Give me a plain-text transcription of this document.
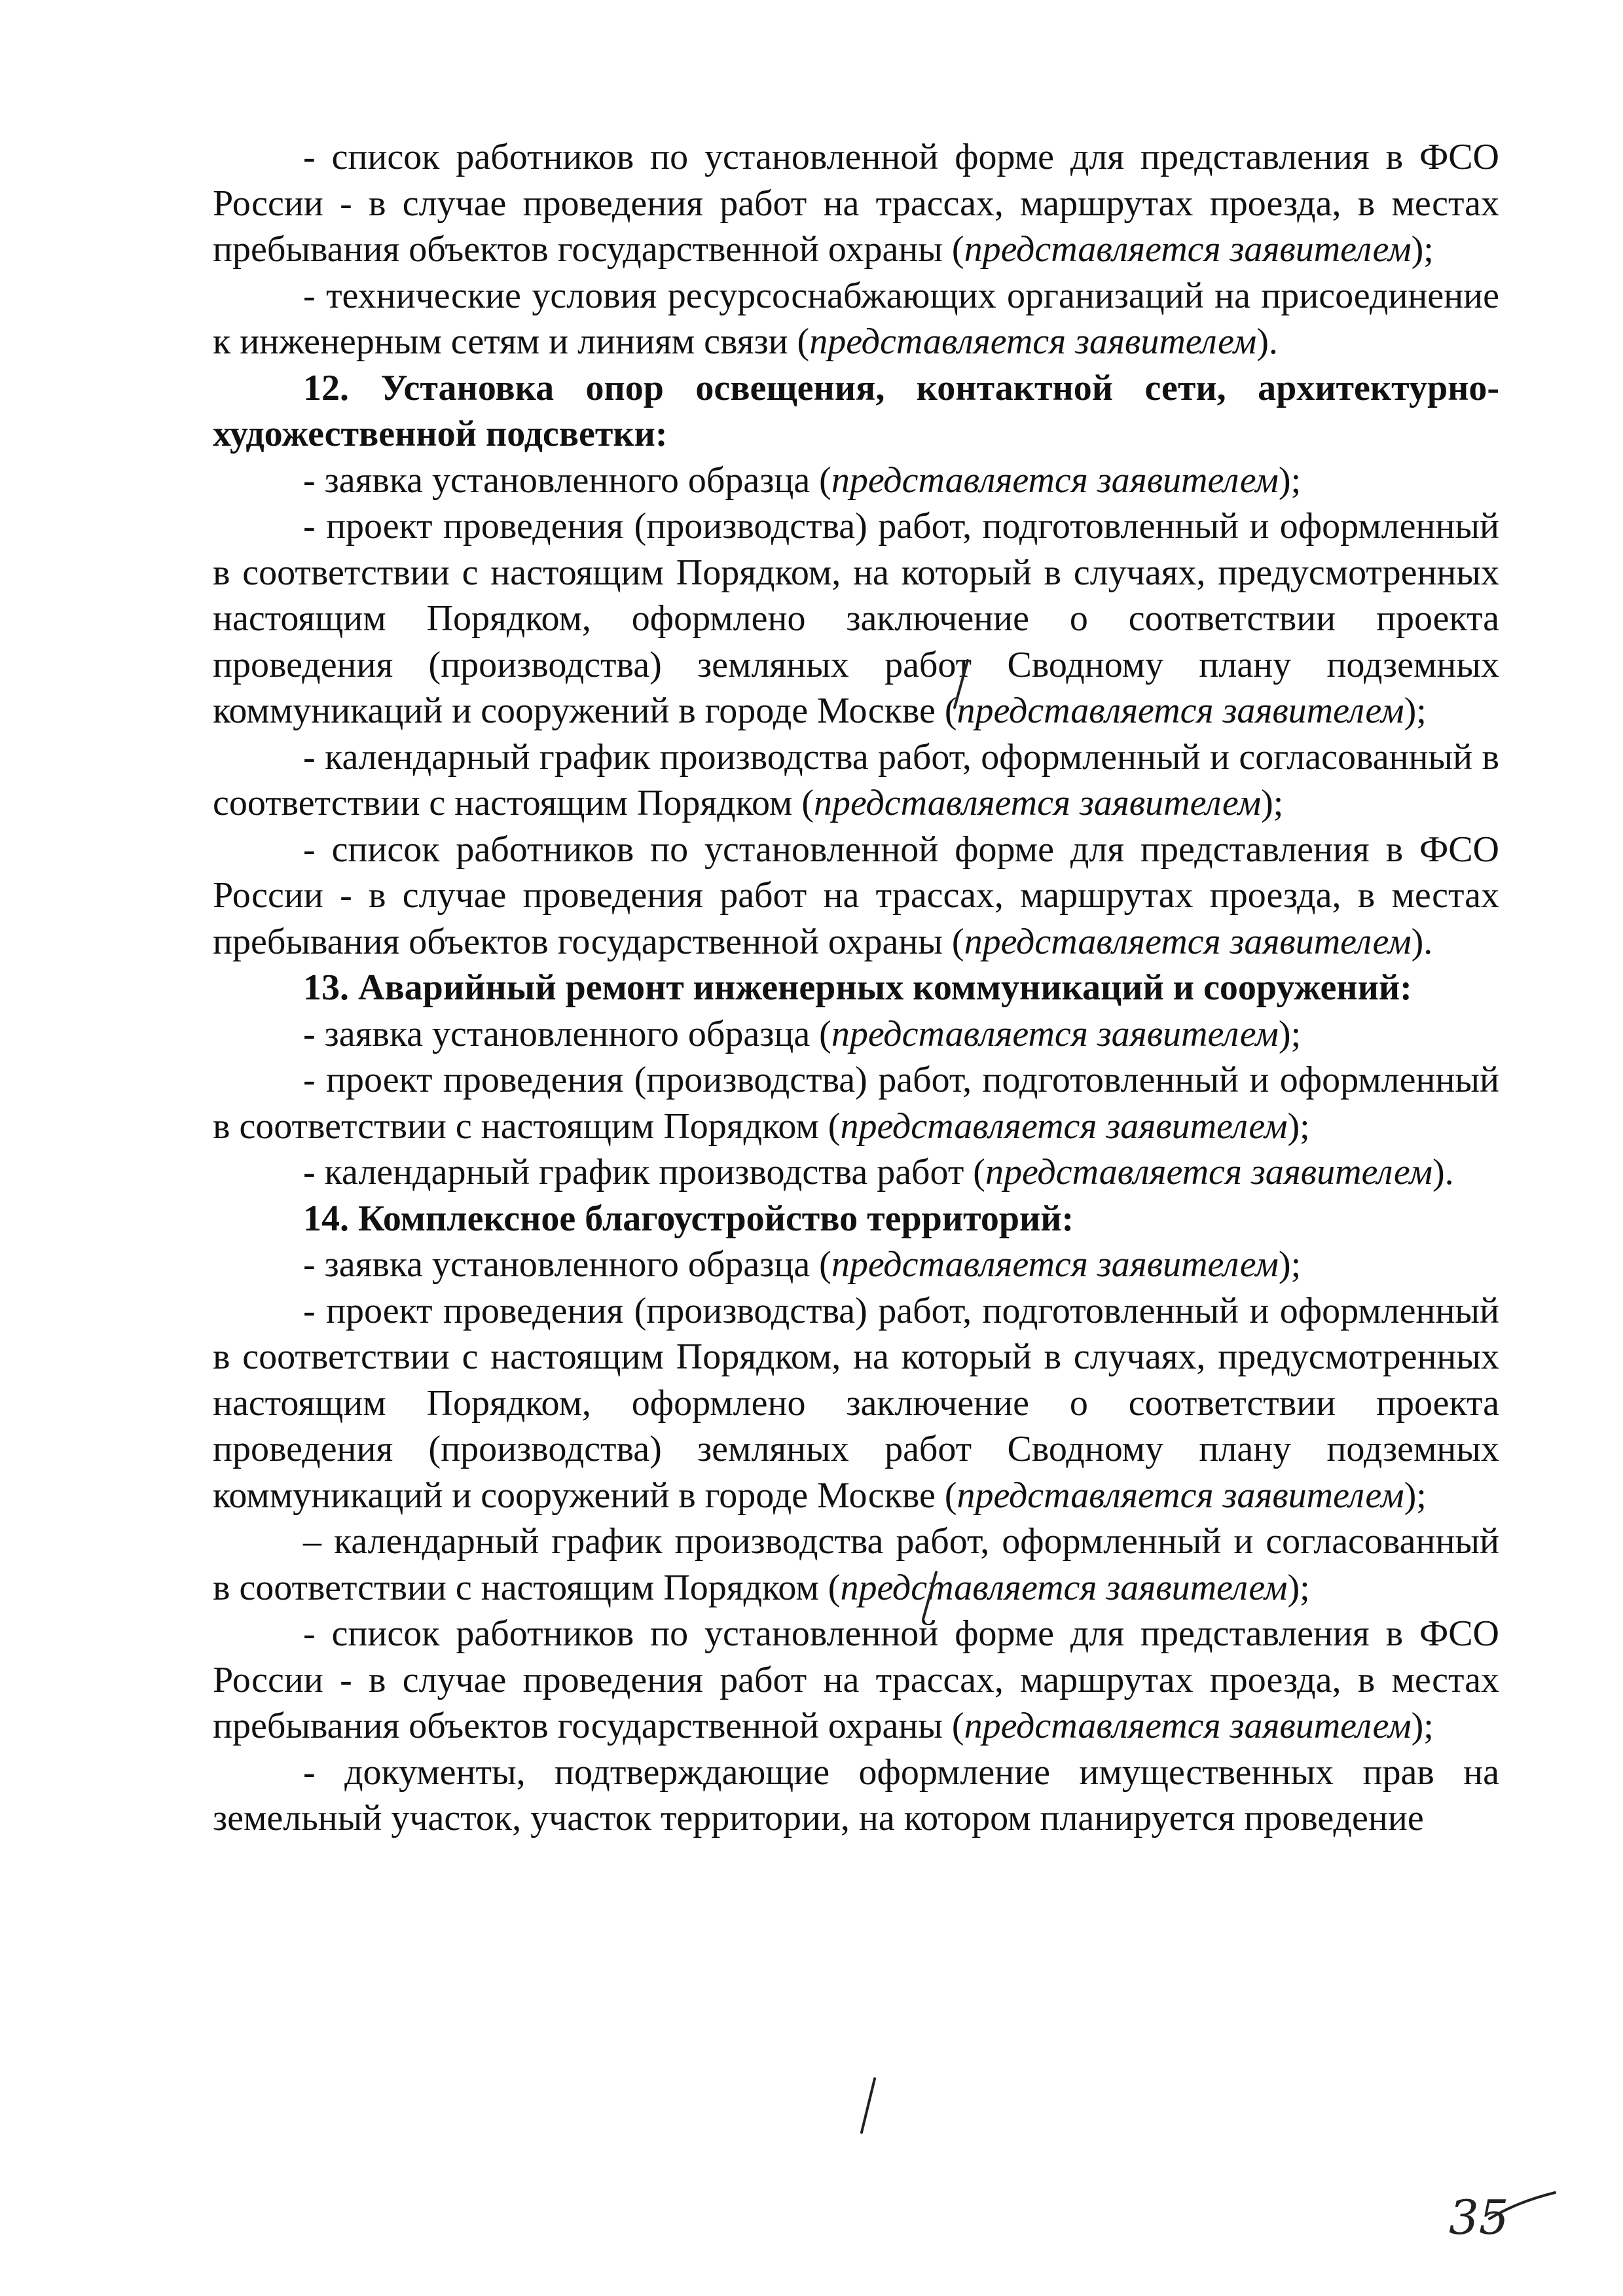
- список работников по установленной форме для представления в ФСО России - в случае проведения работ на трассах, маршрутах проезда, в местах пребывания объектов государственной охраны (представляется заявителем);

- технические условия ресурсоснабжающих организаций на присоединение к инженерным сетям и линиям связи (представляется заявителем).

12. Установка опор освещения, контактной сети, архитектурно-художественной подсветки:

- заявка установленного образца (представляется заявителем);

- проект проведения (производства) работ, подготовленный и оформленный в соответствии с настоящим Порядком, на который в случаях, предусмотренных настоящим Порядком, оформлено заключение о соответствии проекта проведения (производства) земляных работ Сводному плану подземных коммуникаций и сооружений в городе Москве (представляется заявителем);

- календарный график производства работ, оформленный и согласованный в соответствии с настоящим Порядком (представляется заявителем);

- список работников по установленной форме для представления в ФСО России - в случае проведения работ на трассах, маршрутах проезда, в местах пребывания объектов государственной охраны (представляется заявителем).

13. Аварийный ремонт инженерных коммуникаций и сооружений:

- заявка установленного образца (представляется заявителем);

- проект проведения (производства) работ, подготовленный и оформленный в соответствии с настоящим Порядком (представляется заявителем);

- календарный график производства работ (представляется заявителем).

14. Комплексное благоустройство территорий:

- заявка установленного образца (представляется заявителем);

- проект проведения (производства) работ, подготовленный и оформленный в соответствии с настоящим Порядком, на который в случаях, предусмотренных настоящим Порядком, оформлено заключение о соответствии проекта проведения (производства) земляных работ Сводному плану подземных коммуникаций и сооружений в городе Москве (представляется заявителем);

– календарный график производства работ, оформленный и согласованный в соответствии с настоящим Порядком (представляется заявителем);

- список работников по установленной форме для представления в ФСО России - в случае проведения работ на трассах, маршрутах проезда, в местах пребывания объектов государственной охраны (представляется заявителем);

- документы, подтверждающие оформление имущественных прав на земельный участок, участок территории, на котором планируется проведение

35
